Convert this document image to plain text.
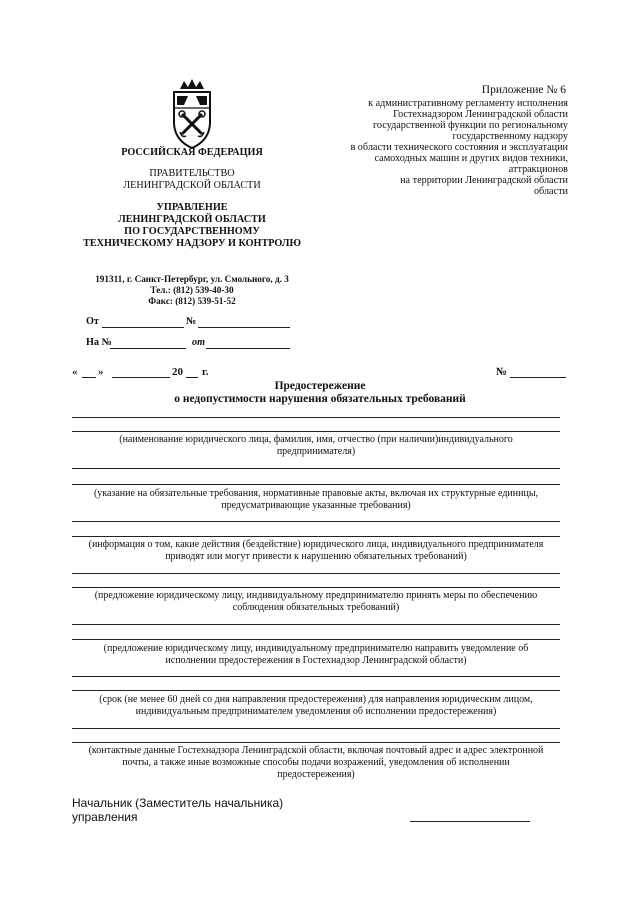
РОССИЙСКАЯ ФЕДЕРАЦИЯ
ПРАВИТЕЛЬСТВО
ЛЕНИНГРАДСКОЙ ОБЛАСТИ
УПРАВЛЕНИЕ
ЛЕНИНГРАДСКОЙ ОБЛАСТИ
ПО ГОСУДАРСТВЕННОМУ
ТЕХНИЧЕСКОМУ НАДЗОРУ И КОНТРОЛЮ
191311, г. Санкт-Петербург, ул. Смольного, д. 3
Тел.: (812) 539-40-30
Факс: (812) 539-51-52
От	№
На №	от
Приложение № 6
к административному регламенту исполнения
Гостехнадзором Ленинградской области
государственной функции по региональному
государственному надзору
в области технического состояния и эксплуатации
самоходных машин и других видов техники,
аттракционов
на территории Ленинградской области
области
« »	20 г.	№
Предостережение
о недопустимости нарушения обязательных требований
(наименование юридического лица, фамилия, имя, отчество (при наличии)индивидуального
предпринимателя)
(указание на обязательные требования, нормативные правовые акты, включая их структурные единицы,
предусматривающие указанные требования)
(информация о том, какие действия (бездействие) юридического лица, индивидуального предпринимателя
приводят или могут привести к нарушению обязательных требований)
(предложение юридическому лицу, индивидуальному предпринимателю принять меры по обеспечению
соблюдения обязательных требований)
(предложение юридическому лицу, индивидуальному предпринимателю направить уведомление об
исполнении предостережения в Гостехнадзор Ленинградской области)
(срок (не менее 60 дней со дня направления предостережения) для направления юридическим лицом,
индивидуальным предпринимателем уведомления об исполнении предостережения)
(контактные данные Гостехнадзора Ленинградской области, включая почтовый адрес и адрес электронной
почты, а также иные возможные способы подачи возражений, уведомления об исполнении
предостережения)
Начальник (Заместитель начальника)
управления
